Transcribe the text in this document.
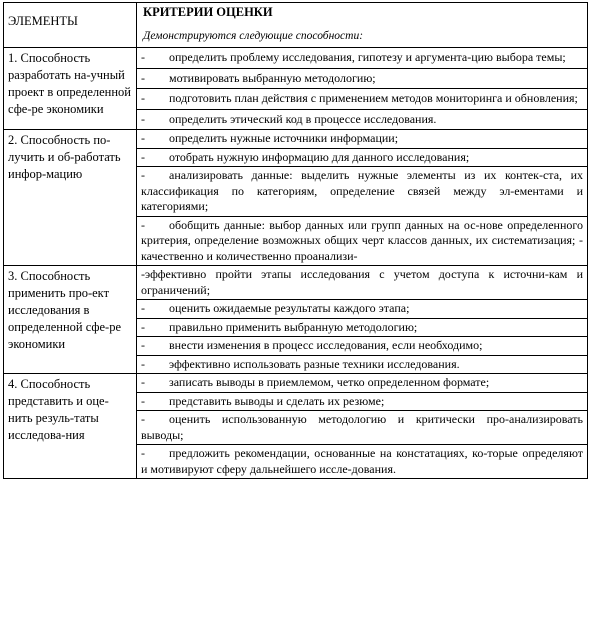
ЭЛЕМЕНТЫ	КРИТЕРИИ ОЦЕНКИ
Демонстрируются следующие способности:

1. Способность разработать на-учный проект в определенной сфе-ре экономики	- определить проблему исследования, гипотезу и аргумента-цию выбора темы;
- мотивировать выбранную методологию;
- подготовить план действия с применением методов мониторинга и обновления;
- определить этический код в процессе исследования.

2. Способность по-лучить и об-работать инфор-мацию	- определить нужные источники информации;
- отобрать нужную информацию для данного исследования;
- анализировать данные: выделить нужные элементы из их контек-ста, их классификация по категориям, определение связей между эл-ементами и категориями;
- обобщить данные: выбор данных или групп данных на ос-нове определенного критерия, определение возможных общих черт классов данных, их систематизация; - качественно и количественно проанализи-

3. Способность применить про-ект исследования в определенной сфе-ре экономики	-эффективно пройти этапы исследования с учетом доступа к источни-кам и ограничений;
- оценить ожидаемые результаты каждого этапа;
- правильно применить выбранную методологию;
- внести изменения в процесс исследования, если необходимо;
- эффективно использовать разные техники исследования.

4. Способность представить и оце-нить резуль-таты исследова-ния	- записать выводы в приемлемом, четко определенном формате;
- представить выводы и сделать их резюме;
- оценить использованную методологию и критически про-анализировать выводы;
- предложить рекомендации, основанные на констатациях, ко-торые определяют и мотивируют сферу дальнейшего иссле-дования.
